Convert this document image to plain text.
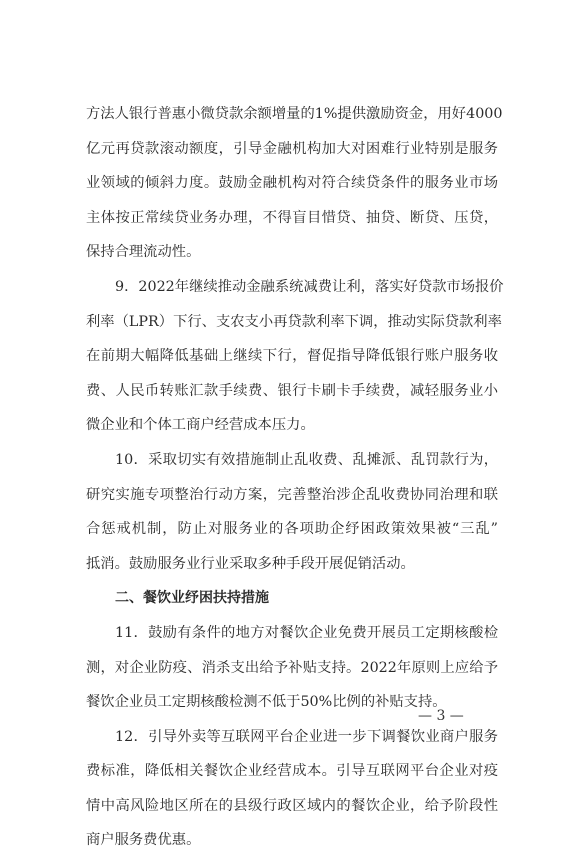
方法人银行普惠小微贷款余额增量的1%提供激励资金，用好4000
亿元再贷款滚动额度，引导金融机构加大对困难行业特别是服务
业领域的倾斜力度。鼓励金融机构对符合续贷条件的服务业市场
主体按正常续贷业务办理，不得盲目惜贷、抽贷、断贷、压贷，
保持合理流动性。
9．2022年继续推动金融系统减费让利，落实好贷款市场报价
利率（LPR）下行、支农支小再贷款利率下调，推动实际贷款利率
在前期大幅降低基础上继续下行，督促指导降低银行账户服务收
费、人民币转账汇款手续费、银行卡刷卡手续费，减轻服务业小
微企业和个体工商户经营成本压力。
10．采取切实有效措施制止乱收费、乱摊派、乱罚款行为，
研究实施专项整治行动方案，完善整治涉企乱收费协同治理和联
合惩戒机制，防止对服务业的各项助企纾困政策效果被“三乱”
抵消。鼓励服务业行业采取多种手段开展促销活动。
二、餐饮业纾困扶持措施
11．鼓励有条件的地方对餐饮企业免费开展员工定期核酸检
测，对企业防疫、消杀支出给予补贴支持。2022年原则上应给予
餐饮企业员工定期核酸检测不低于50%比例的补贴支持。
12．引导外卖等互联网平台企业进一步下调餐饮业商户服务
费标准，降低相关餐饮企业经营成本。引导互联网平台企业对疫
情中高风险地区所在的县级行政区域内的餐饮企业，给予阶段性
商户服务费优惠。
— 3 —
